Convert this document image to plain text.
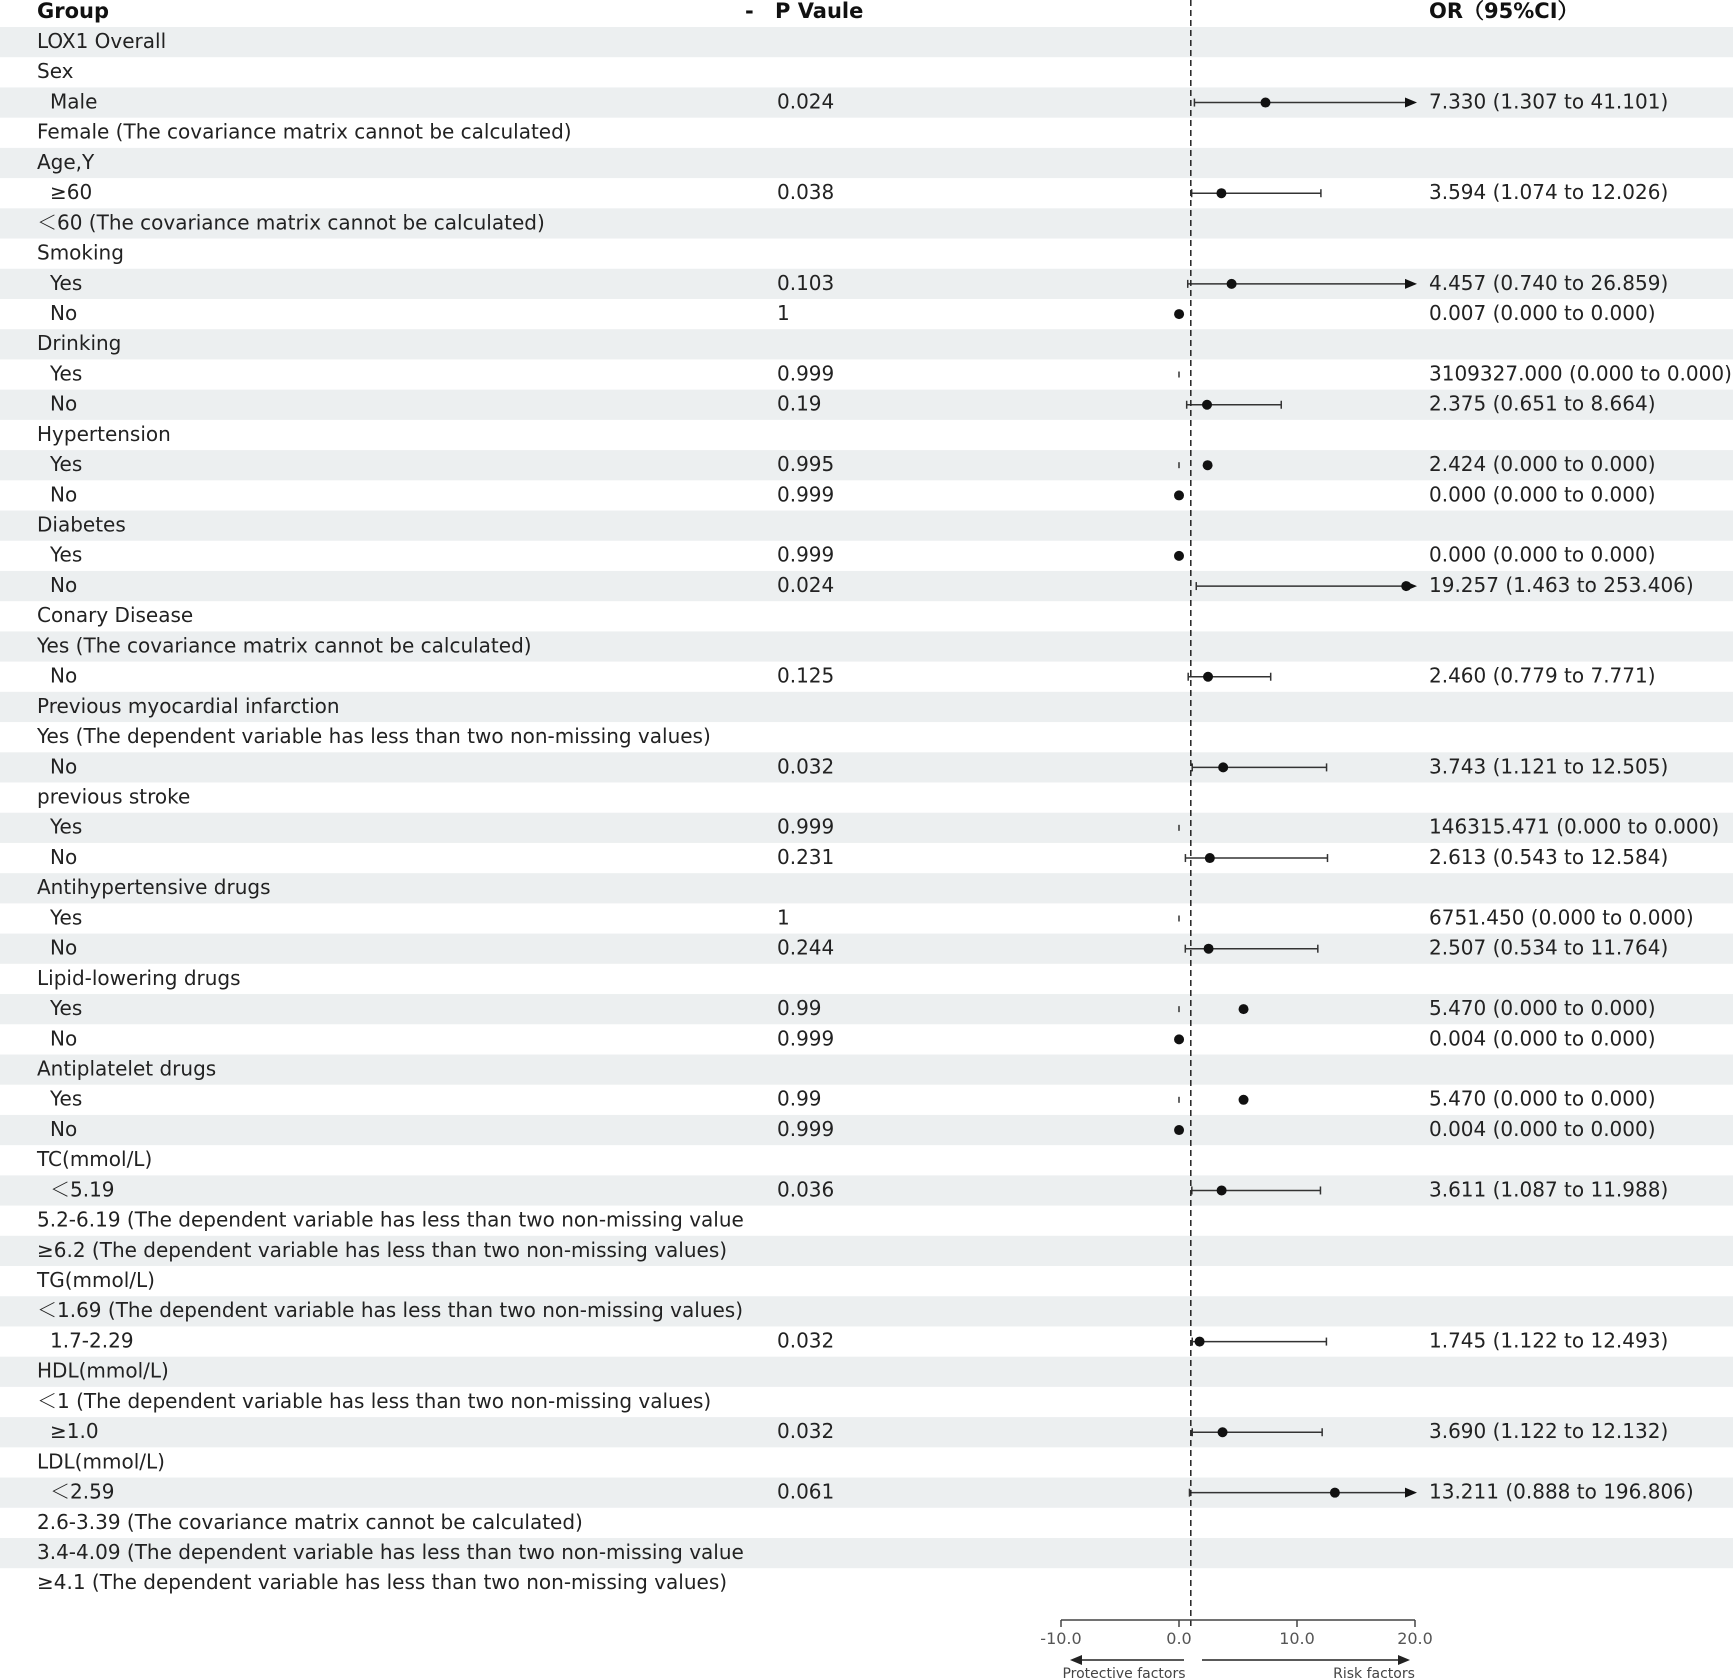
Group	- P Vaule	OR（95%CI）
LOX1 Overall
Sex
Male	0.024	7.330 (1.307 to 41.101)
Female (The covariance matrix cannot be calculated)
Age,Y
≥60	0.038	3.594 (1.074 to 12.026)
＜60 (The covariance matrix cannot be calculated)
Smoking
Yes	0.103	4.457 (0.740 to 26.859)
No	1	0.007 (0.000 to 0.000)
Drinking
Yes	0.999	3109327.000 (0.000 to 0.000)
No	0.19	2.375 (0.651 to 8.664)
Hypertension
Yes	0.995	2.424 (0.000 to 0.000)
No	0.999	0.000 (0.000 to 0.000)
Diabetes
Yes	0.999	0.000 (0.000 to 0.000)
No	0.024	19.257 (1.463 to 253.406)
Conary Disease
Yes (The covariance matrix cannot be calculated)
No	0.125	2.460 (0.779 to 7.771)
Previous myocardial infarction
Yes (The dependent variable has less than two non-missing values)
No	0.032	3.743 (1.121 to 12.505)
previous stroke
Yes	0.999	146315.471 (0.000 to 0.000)
No	0.231	2.613 (0.543 to 12.584)
Antihypertensive drugs
Yes	1	6751.450 (0.000 to 0.000)
No	0.244	2.507 (0.534 to 11.764)
Lipid-lowering drugs
Yes	0.99	5.470 (0.000 to 0.000)
No	0.999	0.004 (0.000 to 0.000)
Antiplatelet drugs
Yes	0.99	5.470 (0.000 to 0.000)
No	0.999	0.004 (0.000 to 0.000)
TC(mmol/L)
＜5.19	0.036	3.611 (1.087 to 11.988)
5.2-6.19 (The dependent variable has less than two non-missing value
≥6.2 (The dependent variable has less than two non-missing values)
TG(mmol/L)
＜1.69 (The dependent variable has less than two non-missing values)
1.7-2.29	0.032	1.745 (1.122 to 12.493)
HDL(mmol/L)
＜1 (The dependent variable has less than two non-missing values)
≥1.0	0.032	3.690 (1.122 to 12.132)
LDL(mmol/L)
＜2.59	0.061	13.211 (0.888 to 196.806)
2.6-3.39 (The covariance matrix cannot be calculated)
3.4-4.09 (The dependent variable has less than two non-missing value
≥4.1 (The dependent variable has less than two non-missing values)
-10.0	0.0	10.0	20.0
Protective factors	Risk factors
